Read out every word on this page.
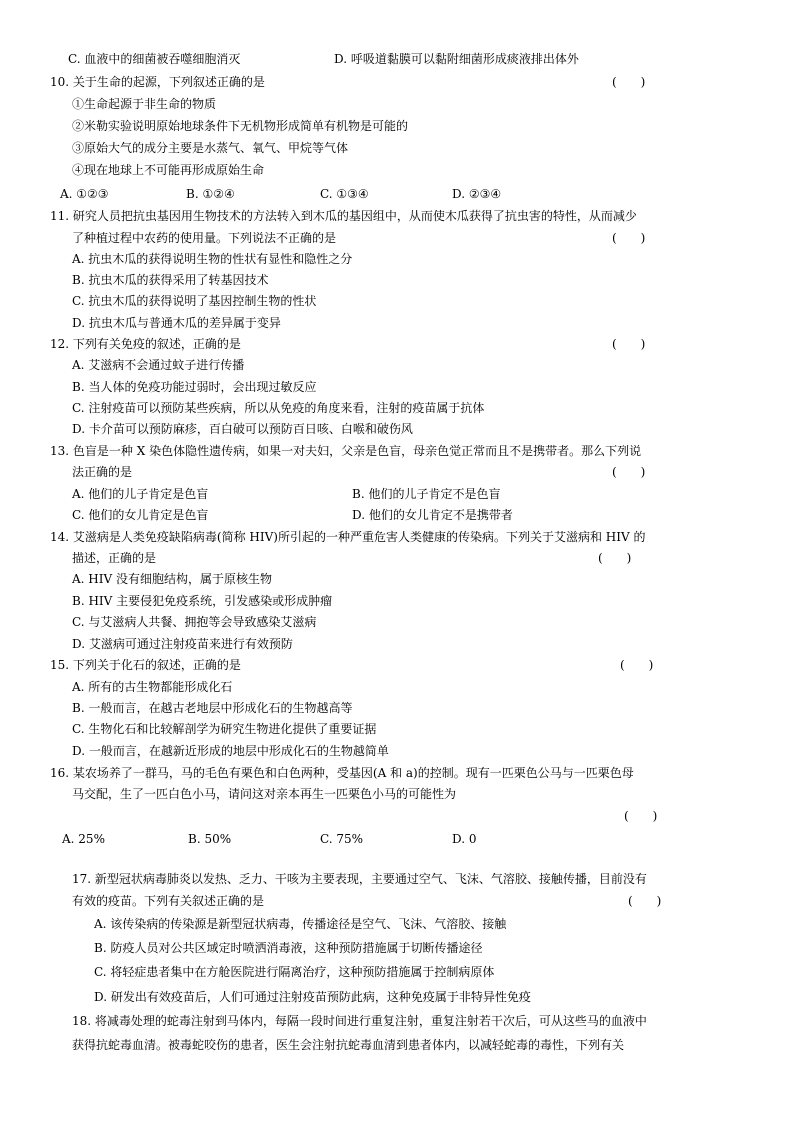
C. 血液中的细菌被吞噬细胞消灭	D. 呼吸道黏膜可以黏附细菌形成痰液排出体外
10. 关于生命的起源，下列叙述正确的是	(　　)
①生命起源于非生命的物质
②米勒实验说明原始地球条件下无机物形成简单有机物是可能的
③原始大气的成分主要是水蒸气、氧气、甲烷等气体
④现在地球上不可能再形成原始生命
A. ①②③	B. ①②④	C. ①③④	D. ②③④
11. 研究人员把抗虫基因用生物技术的方法转入到木瓜的基因组中，从而使木瓜获得了抗虫害的特性，从而减少
了种植过程中农药的使用量。下列说法不正确的是	(　　)
A. 抗虫木瓜的获得说明生物的性状有显性和隐性之分
B. 抗虫木瓜的获得采用了转基因技术
C. 抗虫木瓜的获得说明了基因控制生物的性状
D. 抗虫木瓜与普通木瓜的差异属于变异
12. 下列有关免疫的叙述，正确的是	(　　)
A. 艾滋病不会通过蚊子进行传播
B. 当人体的免疫功能过弱时，会出现过敏反应
C. 注射疫苗可以预防某些疾病，所以从免疫的角度来看，注射的疫苗属于抗体
D. 卡介苗可以预防麻疹，百白破可以预防百日咳、白喉和破伤风
13. 色盲是一种 X 染色体隐性遗传病，如果一对夫妇，父亲是色盲，母亲色觉正常而且不是携带者。那么下列说
法正确的是	(　　)
A. 他们的儿子肯定是色盲	B. 他们的儿子肯定不是色盲
C. 他们的女儿肯定是色盲	D. 他们的女儿肯定不是携带者
14. 艾滋病是人类免疫缺陷病毒(简称 HIV)所引起的一种严重危害人类健康的传染病。下列关于艾滋病和 HIV 的
描述，正确的是	(　　)
A. HIV 没有细胞结构，属于原核生物
B. HIV 主要侵犯免疫系统，引发感染或形成肿瘤
C. 与艾滋病人共餐、拥抱等会导致感染艾滋病
D. 艾滋病可通过注射疫苗来进行有效预防
15. 下列关于化石的叙述，正确的是	(　　)
A. 所有的古生物都能形成化石
B. 一般而言，在越古老地层中形成化石的生物越高等
C. 生物化石和比较解剖学为研究生物进化提供了重要证据
D. 一般而言，在越新近形成的地层中形成化石的生物越简单
16. 某农场养了一群马，马的毛色有栗色和白色两种，受基因(A 和 a)的控制。现有一匹栗色公马与一匹栗色母
马交配，生了一匹白色小马，请问这对亲本再生一匹栗色小马的可能性为
(　　)
A. 25%	B. 50%	C. 75%	D. 0
17. 新型冠状病毒肺炎以发热、乏力、干咳为主要表现，主要通过空气、飞沫、气溶胶、接触传播，目前没有
有效的疫苗。下列有关叙述正确的是	(　　)
A. 该传染病的传染源是新型冠状病毒，传播途径是空气、飞沫、气溶胶、接触
B. 防疫人员对公共区域定时喷洒消毒液，这种预防措施属于切断传播途径
C. 将轻症患者集中在方舱医院进行隔离治疗，这种预防措施属于控制病原体
D. 研发出有效疫苗后，人们可通过注射疫苗预防此病，这种免疫属于非特异性免疫
18. 将减毒处理的蛇毒注射到马体内，每隔一段时间进行重复注射，重复注射若干次后，可从这些马的血液中
获得抗蛇毒血清。被毒蛇咬伤的患者，医生会注射抗蛇毒血清到患者体内，以减轻蛇毒的毒性，下列有关
